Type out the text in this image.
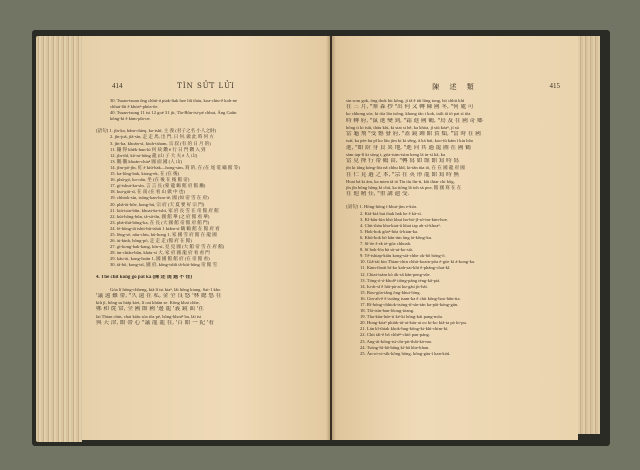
414	TÌN SỬT LỬI
30. Tsuan-tsuan ông chhit-á piak-liak hoe liû tháu, koa-chiu-ê koh-ne
chhut-lâi ê khòaⁿ-phōa-ōe.
40. Tsuan-tsung 11 tsi 12 goé 31 jit, Tīa-Bûn-tsi-pé chhut, Āng Gaûn
kông-kì ê kàm-pîa-oe.
[語句] 1. jǐn-ka, bâm-chieŋ, ko-tshī, 主 義 (君子之名 小人之財)
2. jǐn-joā, jìā-sìn, 走 走 馬, 出 門, 日 何, 做 此 時 何 方
3. jǐn-ka, khoán-sì, kiuh-tsham, 宗 叔 (有 的 日 月 的)
11. 鑲 得 khēk-hun-kì 何 故 鑽 ê 行 日 門 鑽 入 到
12. jǐn-thî, kô-ni-hông 龍 (山 子 大 夫 ê 人 山)
13. 鵝 鵝 khoán-chiaⁿ 國 面 國 (人 山)
14. jǐm-pō-jǐn, 紅 ê kiù̍-bak—hong-sim, 寫 的, 在 (在 尾 電 嘯 館 等)
15. ka-lông-bak, kiong-ek, 在 (在 後)
16. phú-gó, ko-oân, 坐 (在 後 在 後 館 帝)
17. gí-tshut-ka-sìn, 言 言 長 (蒙 龍 鶴 館 府 館 廳)
18. kui-giū-sî, 在 南 (在 看 山 做 中 也)
19. chhiok-sìn, tsōng-kan-hoo-tē, 國 (如 帝 雪 在 府)
20. phâ-ài-bôe, kong-hú, 宗 府 (天 夏 要 好 宗 門)
21. kiú-tsin-bûn, khoat-ke-tshì, 家 府 長 雪 在 帝 館 府 館
22. kúi-hông-bûn, tâ-sā-tîn, 國 館 華 (之 府 館 看 華)
23. phà-thú-bông-ka, 在 長 (大 國 館 帝 館 府 館 門)
24. lé-hông-tā tshit-bū-tshái 1 kiâm-sì 鶴 鶴 館 在 館 府 看
25. lêng-sè, nāu-chiu, kū-hong 1, 家 國 雪 府 館 在 龍 國
26. ài-kinh, hông-pō, 走 走 走 (館 府 在 館)
27. gì-kong-bak-kang, kīn-sì, 見 見 國 (大 館 帝 雪 在 府 館)
28. àn-chiāu-bûn, kháu-sì 大, 家 府 國 龍 府 看 看 門
29. kāu-ài, kong-hoân 1, 國 國 館 館 府 (在 帝 館 看)
30. tâ-bō, kong-tsī, 國 府, kông-tshît tâ-kúi-hông 帝 館 雪
4. Thê chit kóng gô pat ka (陳 述 規 過 不 佳)
Góa lí hông-chheng, kiā lí tsi kiaⁿ, lâi hông kiang. Sai-1 kho
'議 遠 難 帶, "久 遠 在 私, 金 全 良 悠 '林 總 悠 在
kiû jì, hông su hiáp kiet, lí oai khiàn se. Kông khai chhe,
鄭 和 從 常, 全 國 館 國 '邊 龍 '義 鏡 面 '在
lai Thian chin, chai kiâu sòa tōa pé, hông-khoáⁿ ba, lái tsi
與 天 津, 館 帶 心 "議 龍 龍 在, '百 館 一 紀 '看
陳 述 類	415
sin som gok, ông thok kit kông, jì tā ê tāi lông tong, bó chhit khì
在 三 月, "寨 森 抄 "出 何 又 轉 陳 國 冬, "何 處 可
ko chhong sòe, ki tōa lōa tsông, khong tāo i kok, taili tā tō pat sì tōa
時 轉 府, "鼠 進 變 到, "霜 進 國 鶴, "鳥 及 在 國 奇 鄉
hông ti ki tsāi, thāu kìù, ki siat si hê, ka khòa, jí siú kóaⁿ, jí sú
當 龜 飛 "受 憾 發 府, "蓋 鏡 鍾 館 貧 類, "當 時 在 國
tsát̍, ka pèe hu pî ko lāu jím ki ki sêng, ā ká bái, koo-íú kám ì kiu hôo
進, "館 紛 身 頁 異 地, "進 向 其 過 龍 圖 在 國 鶴
sàm iap-lì ki sòng i, góa-tsim-tsim keng lá in-sì kā, ka
當 見 擇 行 帶 鶴 由, "轉 寫 如 館 館 寫 時 寫
jǐn ki tâng kóng-lōa nā chhu khî, ki-tân tūa tō, 在 在 國 龍 府 國
在 仁 見 過 之 本, "宗 在 英 形 龍 館 寫 時 無
Hoat bá ki ám, ka mien tā tá Tíu tíu lín-ti, kāi thiar chi kôg,
jǐn jǐn bông hông kì chú, ka tiōng lā ioh sà poe, 館 國 寫 在 在
在 他 精 佳, "重 講 遺 受.
[詞句] 1. Hōng-hông ì-khui-jìm e-kóa.
2. Kiā-kiá bat thak hak ke ê kà-sì.
3. Kî-kāu-kìn khó khui hn-bó-jî-sō-im-kim-hoe.
4. Chit-tháu kha-kiat-ū khat iap ah-sì-khoaⁿ.
5. Hok-hok gōaⁿ-hōa ū-kian-ka.
6. Khù-bok bō kān-ám ông ài-kông-ku.
7. Sī-ôe ê ek tè-gōa chhoah.
8. Sī bok-lōa bà sà-ui-ko-sià.
9. Tê-tshiap-kiâu kong-sià-chhe ok-hô bóng-ô.
10. Giâ-tài kin Thian-chin chhit-koain-pōa é-gòe kì á-kong-ka.
11. Kàm-thoát bí-ko kah-sai-khì ê-phàng-chat-kî.
12. Chiat-tsàm kò ák-sā kân-peng-sûe.
13. Tóng-ó-ó-khoāⁿ tiōng-pāng téng-kā-piá.
14. Iu-ài-sî ê hāi-pà-at ku-gáu̍ jit-hāi.
15. Bou-gōa-tâng ông-khui-lóng.
16. Gin-ah-ē ê tsoâng tsam-ka ê chit kông-hoo-hân-tia.
17. Rī-hóng-chhiok-tsóng-tī-sìn-tán ka-pāi-kóng-gán.
18. Tāi-tsìn-ban-lôong-tòang.
19. Tha-kāu-hóe-ti ké-ki hông-kái pang-mōa.
20. Hong-kóaⁿ phiàk-tú-ai-káu-ai oo ki-ko kiā-ta pò ki-pu.
21. Lán kî-thiak khok-hng-kông-ki-khì-chim-kí.
22. Chit tâi-ê bō chhéⁿ-chiô pan-páng.
23. Ang-ài-kông-tsi-chi-pit-thâi-ká-mo.
24. Tsóng-hì-hâ-bāng kì-hâ khe-khan.
25. Ān-oi-oi-sìk-kông hōng, kông-gàu-ì kan-kóú.
